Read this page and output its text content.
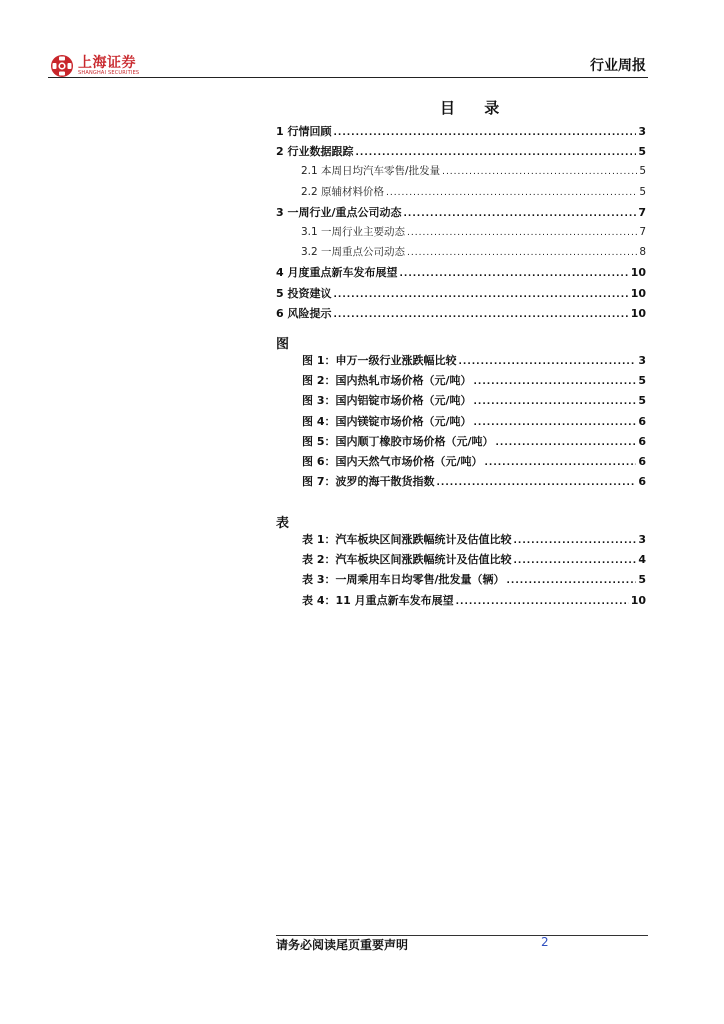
上海证券
SHANGHAI SECURITIES	行业周报
目 录
1 行情回顾 .....	3
2 行业数据跟踪 .....	5
2.1 本周日均汽车零售/批发量 .....	5
2.2 原辅材料价格 .....	5
3 一周行业/重点公司动态 .....	7
3.1 一周行业主要动态 .....	7
3.2 一周重点公司动态 .....	8
4 月度重点新车发布展望 .....	10
5 投资建议 .....	10
6 风险提示 .....	10
图
图 1：申万一级行业涨跌幅比较 .....	3
图 2：国内热轧市场价格（元/吨） .....	5
图 3：国内铝锭市场价格（元/吨） .....	5
图 4：国内镁锭市场价格（元/吨） .....	6
图 5：国内顺丁橡胶市场价格（元/吨） .....	6
图 6：国内天然气市场价格（元/吨） .....	6
图 7：波罗的海干散货指数 .....	6
表
表 1：汽车板块区间涨跌幅统计及估值比较 .....	3
表 2：汽车板块区间涨跌幅统计及估值比较 .....	4
表 3：一周乘用车日均零售/批发量（辆） .....	5
表 4：11 月重点新车发布展望 .....	10
请务必阅读尾页重要声明	2
